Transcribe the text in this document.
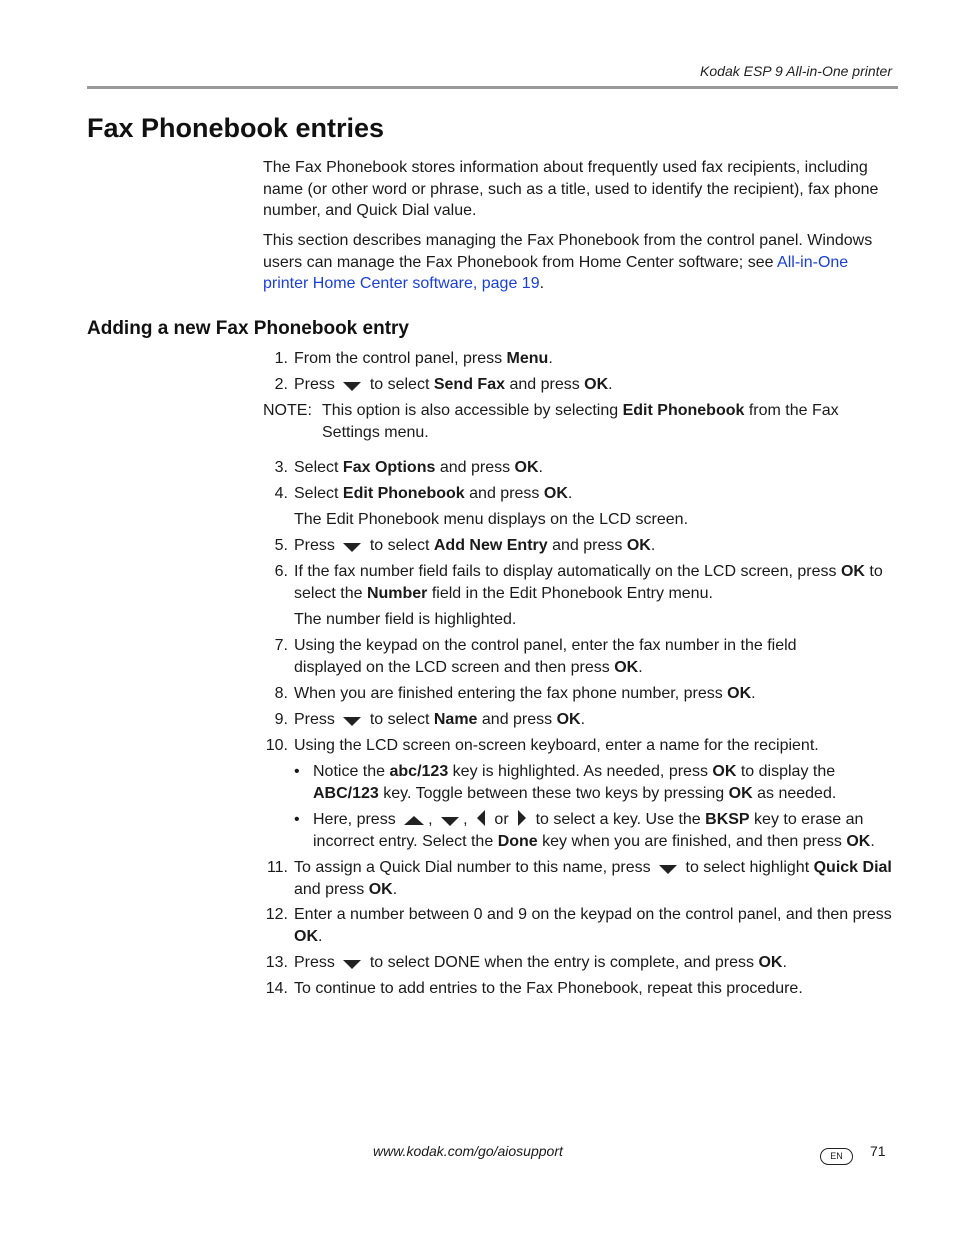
Kodak ESP 9 All-in-One printer
Fax Phonebook entries
The Fax Phonebook stores information about frequently used fax recipients, including name (or other word or phrase, such as a title, used to identify the recipient), fax phone number, and Quick Dial value.
This section describes managing the Fax Phonebook from the control panel. Windows users can manage the Fax Phonebook from Home Center software; see All-in-One printer Home Center software, page 19.
Adding a new Fax Phonebook entry
1. From the control panel, press Menu.
2. Press to select Send Fax and press OK.
NOTE: This option is also accessible by selecting Edit Phonebook from the Fax Settings menu.
3. Select Fax Options and press OK.
4. Select Edit Phonebook and press OK.
The Edit Phonebook menu displays on the LCD screen.
5. Press to select Add New Entry and press OK.
6. If the fax number field fails to display automatically on the LCD screen, press OK to select the Number field in the Edit Phonebook Entry menu.
The number field is highlighted.
7. Using the keypad on the control panel, enter the fax number in the field displayed on the LCD screen and then press OK.
8. When you are finished entering the fax phone number, press OK.
9. Press to select Name and press OK.
10. Using the LCD screen on-screen keyboard, enter a name for the recipient.
• Notice the abc/123 key is highlighted. As needed, press OK to display the ABC/123 key. Toggle between these two keys by pressing OK as needed.
• Here, press , , or to select a key. Use the BKSP key to erase an incorrect entry. Select the Done key when you are finished, and then press OK.
11. To assign a Quick Dial number to this name, press to select highlight Quick Dial and press OK.
12. Enter a number between 0 and 9 on the keypad on the control panel, and then press OK.
13. Press to select DONE when the entry is complete, and press OK.
14. To continue to add entries to the Fax Phonebook, repeat this procedure.
www.kodak.com/go/aiosupport	EN	71
